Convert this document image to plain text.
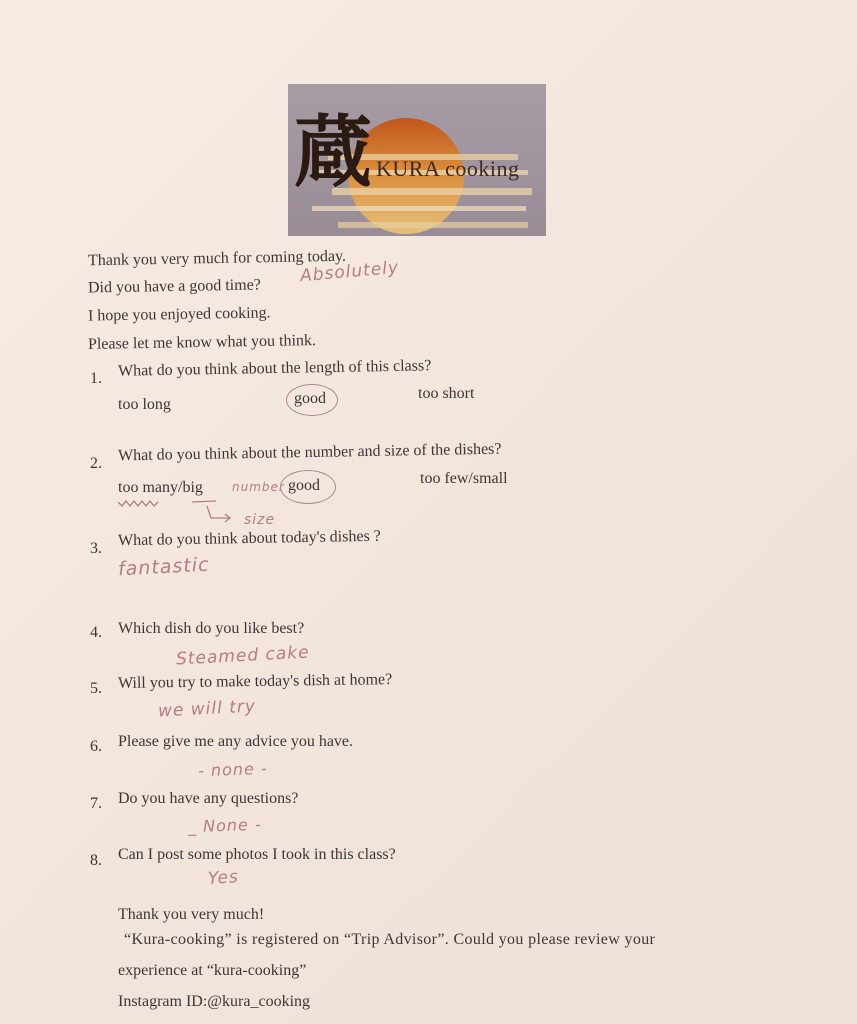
蔵 KURA cooking
Thank you very much for coming today.
Did you have a good time?
Absolutely
I hope you enjoyed cooking.
Please let me know what you think.
1. What do you think about the length of this class?
too long	good	too short
2. What do you think about the number and size of the dishes?
too many/big number good	too few/small
size
3. What do you think about today's dishes ?
fantastic
4. Which dish do you like best?
Steamed cake
5. Will you try to make today's dish at home?
we will try
6. Please give me any advice you have.
- none -
7. Do you have any questions?
_ None -
8. Can I post some photos I took in this class?
Yes
Thank you very much!
“Kura-cooking” is registered on “Trip Advisor”. Could you please review your
experience at “kura-cooking”
Instagram ID:@kura_cooking
